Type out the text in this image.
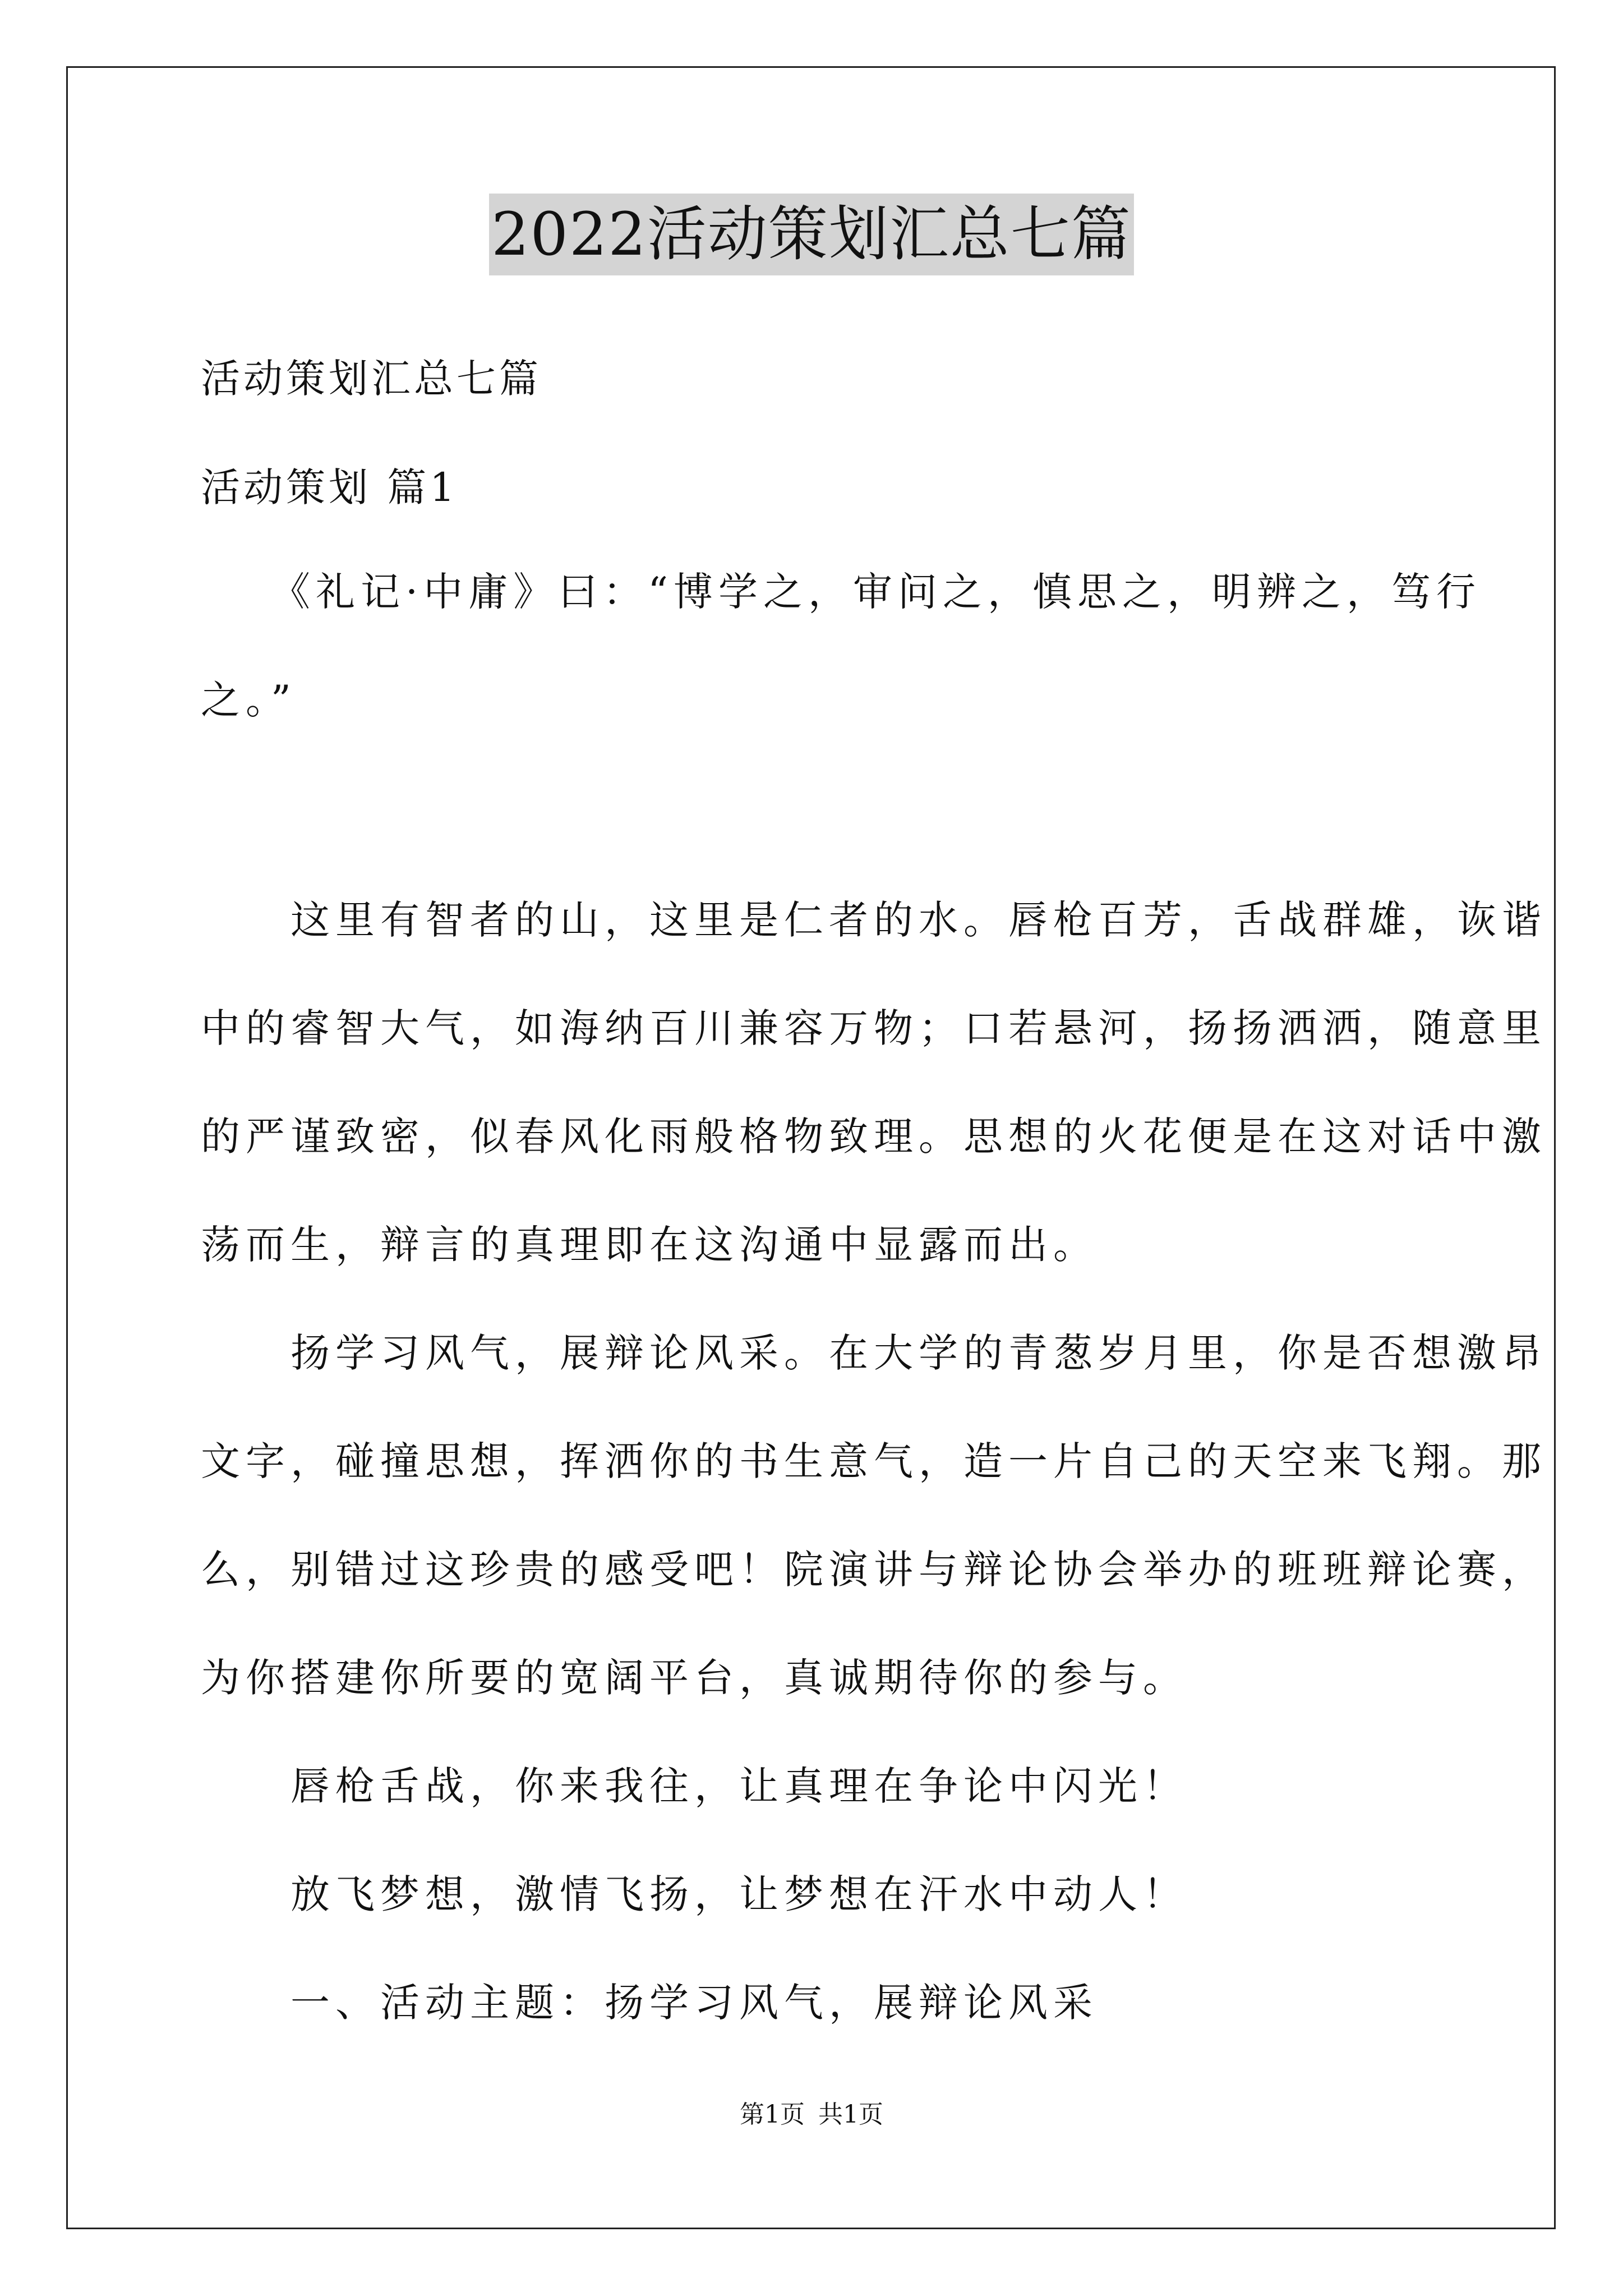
2022活动策划汇总七篇
活动策划汇总七篇
活动策划 篇1
　　《礼记·中庸》曰：“博学之，审问之，慎思之，明辨之，笃行
之。”
　　这里有智者的山，这里是仁者的水。唇枪百芳，舌战群雄，诙谐
中的睿智大气，如海纳百川兼容万物；口若悬河，扬扬洒洒，随意里
的严谨致密，似春风化雨般格物致理。思想的火花便是在这对话中激
荡而生，辩言的真理即在这沟通中显露而出。
　　扬学习风气，展辩论风采。在大学的青葱岁月里，你是否想激昂
文字，碰撞思想，挥洒你的书生意气，造一片自己的天空来飞翔。那
么，别错过这珍贵的感受吧！院演讲与辩论协会举办的班班辩论赛，
为你搭建你所要的宽阔平台，真诚期待你的参与。
　　唇枪舌战，你来我往，让真理在争论中闪光！
　　放飞梦想，激情飞扬，让梦想在汗水中动人！
　　一、活动主题：扬学习风气，展辩论风采
第1页 共1页
